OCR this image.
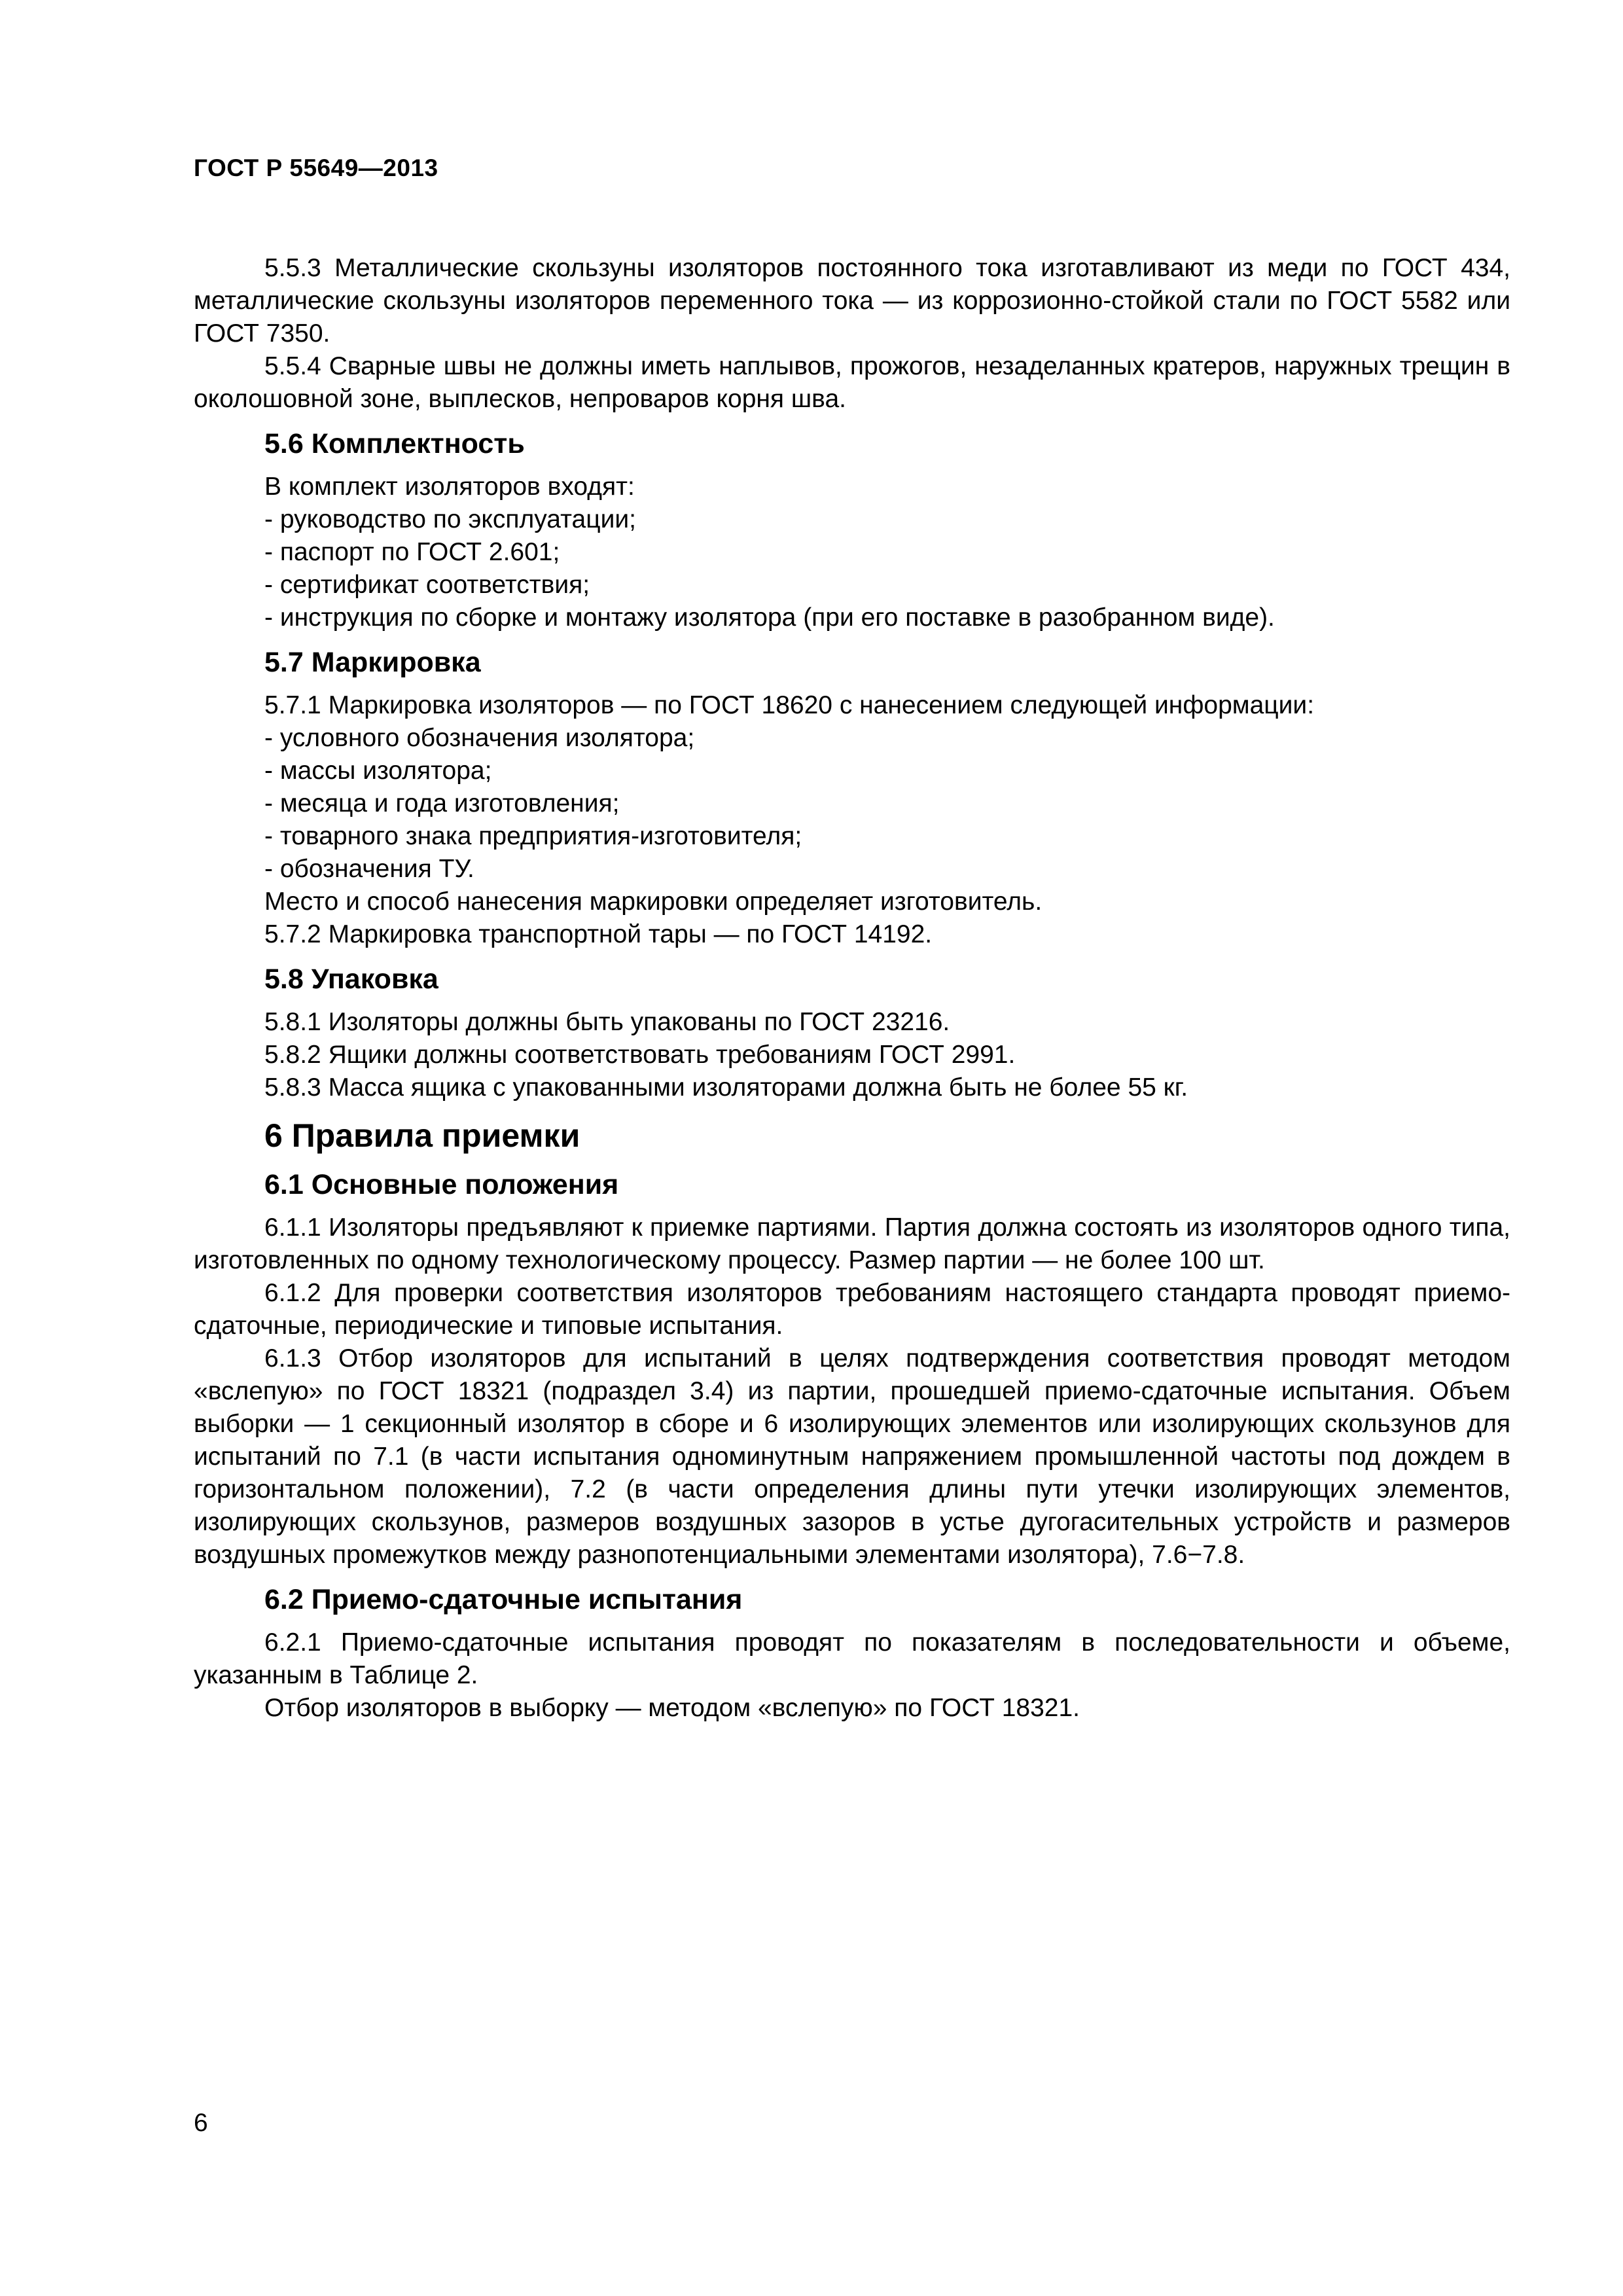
ГОСТ Р 55649—2013

5.5.3 Металлические скользуны изоляторов постоянного тока изготавливают из меди по ГОСТ 434, металлические скользуны изоляторов переменного тока — из коррозионно-стойкой стали по ГОСТ 5582 или ГОСТ 7350.

5.5.4 Сварные швы не должны иметь наплывов, прожогов, незаделанных кратеров, наружных трещин в околошовной зоне, выплесков, непроваров корня шва.

5.6 Комплектность

В комплект изоляторов входят:

- руководство по эксплуатации;

- паспорт по ГОСТ 2.601;

- сертификат соответствия;

- инструкция по сборке и монтажу изолятора (при его поставке в разобранном виде).

5.7 Маркировка

5.7.1 Маркировка изоляторов — по ГОСТ 18620 с нанесением следующей информации:

- условного обозначения изолятора;

- массы изолятора;

- месяца и года изготовления;

- товарного знака предприятия-изготовителя;

- обозначения ТУ.

Место и способ нанесения маркировки определяет изготовитель.

5.7.2 Маркировка транспортной тары — по ГОСТ 14192.

5.8 Упаковка

5.8.1 Изоляторы должны быть упакованы по ГОСТ 23216.

5.8.2 Ящики должны соответствовать требованиям ГОСТ 2991.

5.8.3 Масса ящика с упакованными изоляторами должна быть не более 55 кг.

6 Правила приемки
6.1 Основные положения

6.1.1 Изоляторы предъявляют к приемке партиями. Партия должна состоять из изоляторов одного типа, изготовленных по одному технологическому процессу. Размер партии — не более 100 шт.

6.1.2 Для проверки соответствия изоляторов требованиям настоящего стандарта проводят приемо-сдаточные, периодические и типовые испытания.

6.1.3 Отбор изоляторов для испытаний в целях подтверждения соответствия проводят методом «вслепую» по ГОСТ 18321 (подраздел 3.4) из партии, прошедшей приемо-сдаточные испытания. Объем выборки — 1 секционный изолятор в сборе и 6 изолирующих элементов или изолирующих скользунов для испытаний по 7.1 (в части испытания одноминутным напряжением промышленной частоты под дождем в горизонтальном положении), 7.2 (в части определения длины пути утечки изолирующих элементов, изолирующих скользунов, размеров воздушных зазоров в устье дугогасительных устройств и размеров воздушных промежутков между разнопотенциальными элементами изолятора), 7.6−7.8.

6.2 Приемо-сдаточные испытания

6.2.1 Приемо-сдаточные испытания проводят по показателям в последовательности и объеме, указанным в Таблице 2.

Отбор изоляторов в выборку — методом «вслепую» по ГОСТ 18321.

6
